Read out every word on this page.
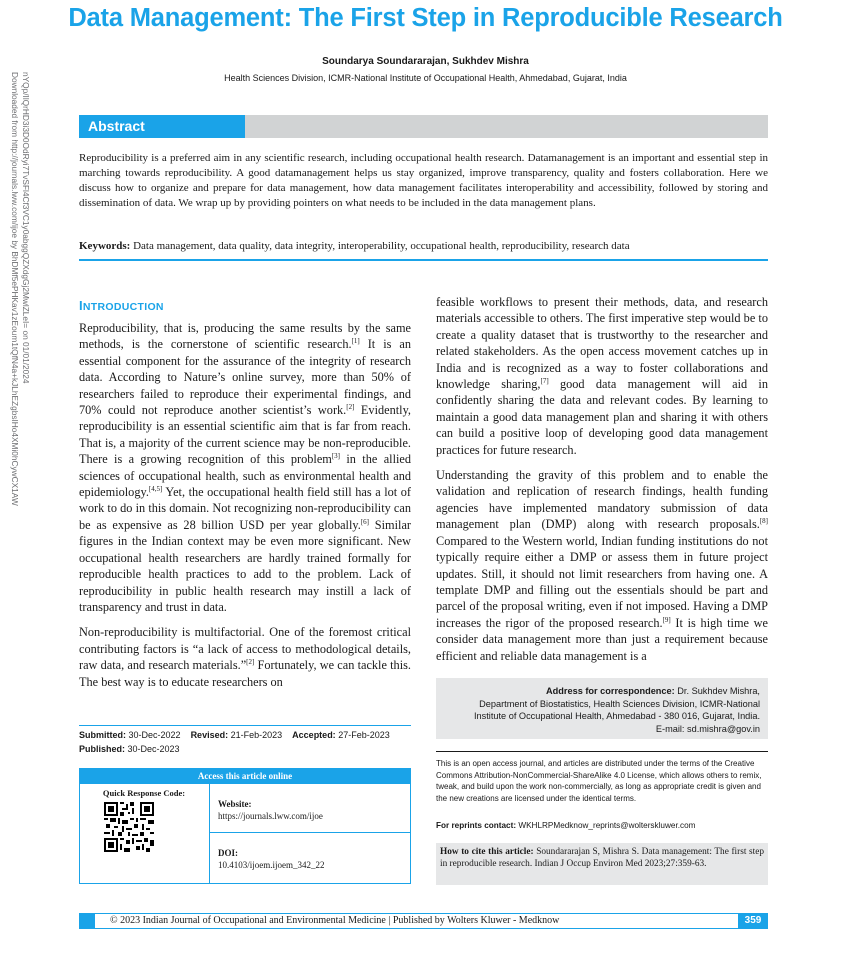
Data Management: The First Step in Reproducible Research
Soundarya Soundararajan, Sukhdev Mishra
Health Sciences Division, ICMR-National Institute of Occupational Health, Ahmedabad, Gujarat, India
Downloaded from http://journals.lww.com/ijoe by BhDMf5ePHKav1zEoum1tQfN4a+kJLhEZgbsIHo4XMi0hCywCX1AW nYQp/IlQrHD3i3D0OdRyi7TvSFl4Cf3VC1y0abggQZXdgGj2MwlZLeI= on 01/01/2024	Abstract
Reproducibility is a preferred aim in any scientific research, including occupational health research. Datamanagement is an important and essential step in marching towards reproducibility. A good datamanagement helps us stay organized, improve transparency, quality and fosters collaboration. Here we discuss how to organize and prepare for data management, how data management facilitates interoperability and accessibility, followed by storing and dissemination of data. We wrap up by providing pointers on what needs to be included in the data management plans.
Keywords: Data management, data quality, data integrity, interoperability, occupational health, reproducibility, research data
INTRODUCTION

Reproducibility, that is, producing the same results by the same methods, is the cornerstone of scientific research.[1] It is an essential component for the assurance of the integrity of research data. According to Nature’s online survey, more than 50% of researchers failed to reproduce their experimental findings, and 70% could not reproduce another scientist’s work.[2] Evidently, reproducibility is an essential scientific aim that is far from reach. That is, a majority of the current science may be non-reproducible. There is a growing recognition of this problem[3] in the allied sciences of occupational health, such as environmental health and epidemiology.[4,5] Yet, the occupational health field still has a lot of work to do in this domain. Not recognizing non-reproducibility can be as expensive as 28 billion USD per year globally.[6] Similar figures in the Indian context may be even more significant. New occupational health researchers are hardly trained formally for reproducible health practices to add to the problem. Lack of reproducibility in public health research may instill a lack of transparency and trust in data.

Non-reproducibility is multifactorial. One of the foremost critical contributing factors is “a lack of access to methodological details, raw data, and research materials.”[2] Fortunately, we can tackle this. The best way is to educate researchers on

feasible workflows to present their methods, data, and research materials accessible to others. The first imperative step would be to create a quality dataset that is trustworthy to the researcher and related stakeholders. As the open access movement catches up in India and is recognized as a way to foster collaborations and knowledge sharing,[7] good data management will aid in confidently sharing the data and relevant codes. By learning to maintain a good data management plan and sharing it with others can build a positive loop of developing good data management practices for future research.

Understanding the gravity of this problem and to enable the validation and replication of research findings, health funding agencies have implemented mandatory submission of data management plan (DMP) along with research proposals.[8] Compared to the Western world, Indian funding institutions do not typically require either a DMP or assess them in future project updates. Still, it should not limit researchers from having one. A template DMP and filling out the essentials should be part and parcel of the proposal writing, even if not imposed. Having a DMP increases the rigor of the proposed research.[9] It is high time we consider data management more than just a requirement because efficient and reliable data management is a

Submitted: 30-Dec-2022 Revised: 21-Feb-2023 Accepted: 27-Feb-2023
Published: 30-Dec-2023
Access this article online
Quick Response Code:
Website:
https://journals.lww.com/ijoe
DOI:
10.4103/ijoem.ijoem_342_22
Address for correspondence: Dr. Sukhdev Mishra,
Department of Biostatistics, Health Sciences Division, ICMR-National
Institute of Occupational Health, Ahmedabad - 380 016, Gujarat, India.
E-mail: sd.mishra@gov.in
This is an open access journal, and articles are distributed under the terms of the Creative Commons Attribution-NonCommercial-ShareAlike 4.0 License, which allows others to remix, tweak, and build upon the work non-commercially, as long as appropriate credit is given and the new creations are licensed under the identical terms.
For reprints contact: WKHLRPMedknow_reprints@wolterskluwer.com
How to cite this article: Soundararajan S, Mishra S. Data management: The first step in reproducible research. Indian J Occup Environ Med 2023;27:359-63.
© 2023 Indian Journal of Occupational and Environmental Medicine | Published by Wolters Kluwer - Medknow	359
